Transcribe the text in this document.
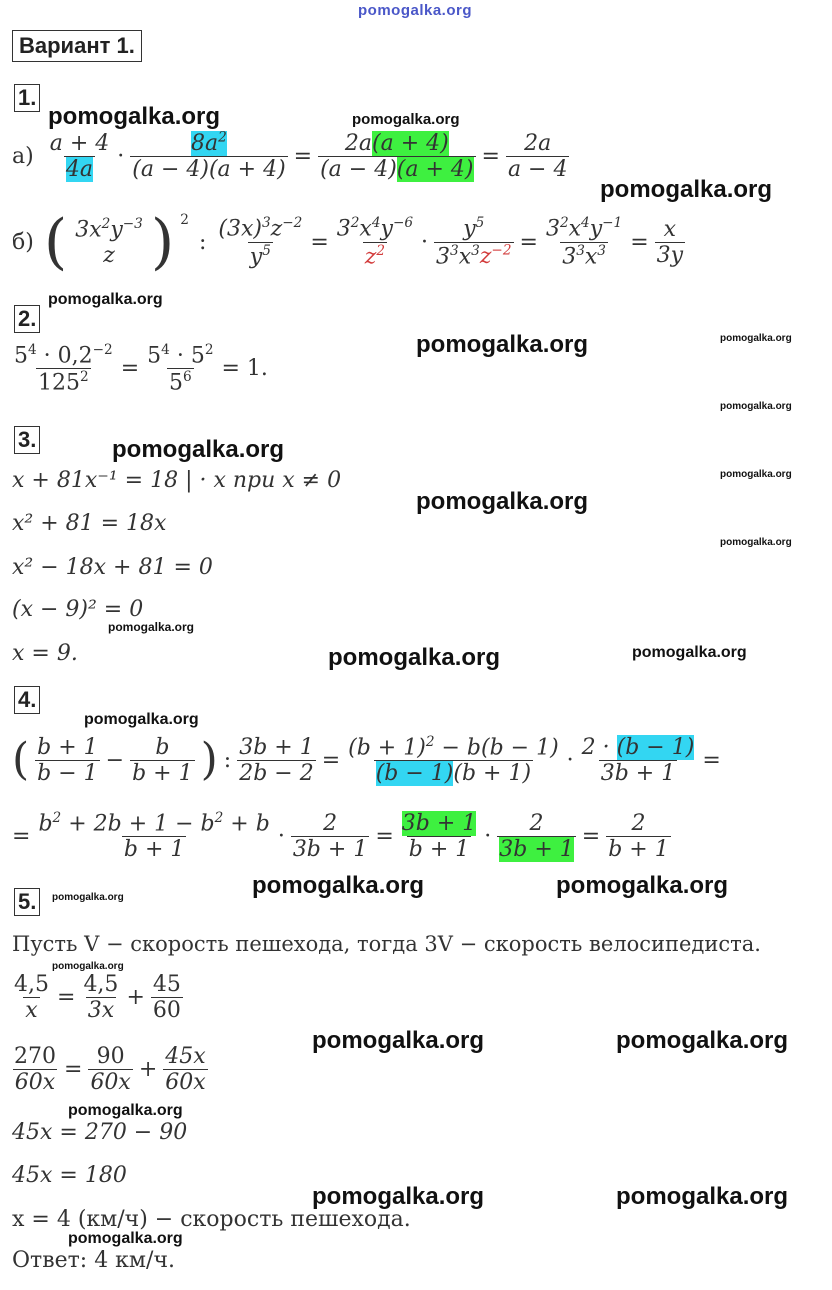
pomogalka.org
Вариант 1.
1.
pomogalka.org	pomogalka.org
$а) \frac{a + 4}{4a} \cdot \frac{8a^2}{(a - 4)(a + 4)} = \frac{2a(a + 4)}{(a - 4)(a + 4)} = \frac{2a}{a - 4}$
pomogalka.org
б) ( $3x^2y^{-3}$
z ) $^2$
: $\frac{(3x)^3z^{-2}}{y^5} = \frac{3^2x^4y^{-6}}{z^2} \cdot \frac{y^5}{3^3x^3z^{-2}} = \frac{3^2x^4y^{-1}}{3^3x^3} = \frac{x}{3y}$
pomogalka.org
2.
pomogalka.org	pomogalka.org
pomogalka.org
$\frac{5^4 \cdot 0,2^{-2}}{125^2} = \frac{5^4 \cdot 5^2}{5^6} = 1$.
3.	pomogalka.org
pomogalka.org
x + 81x⁻¹ = 18 | · x при x ≠ 0
pomogalka.org
x² + 81 = 18x
pomogalka.org
x² − 18x + 81 = 0
(x − 9)² = 0
pomogalka.org
x = 9.	pomogalka.org	pomogalka.org
4.
pomogalka.org
( $\frac{b + 1}{b - 1} - \frac{b}{b + 1}$ ) : $\frac{3b + 1}{2b - 2} = \frac{(b + 1)^2 - b(b - 1)}{(b - 1)(b + 1)} \cdot \frac{2 \cdot (b - 1)}{3b + 1}$ =
= $\frac{b^2 + 2b + 1 - b^2 + b}{b + 1} \cdot \frac{2}{3b + 1} = \frac{3b + 1}{b + 1} \cdot \frac{2}{3b + 1} = \frac{2}{b + 1}$
5.	pomogalka.org	pomogalka.org	pomogalka.org
Пусть V − скорость пешехода, тогда 3V − скорость велосипедиста.
pomogalka.org
$\frac{4,5}{x} = \frac{4,5}{3x} + \frac{45}{60}$
pomogalka.org	pomogalka.org
$\frac{270}{60x} = \frac{90}{60x} + \frac{45x}{60x}$
pomogalka.org
45x = 270 − 90
45x = 180
pomogalka.org	pomogalka.org
x = 4 (км/ч) − скорость пешехода.
pomogalka.org
Ответ: 4 км/ч.
